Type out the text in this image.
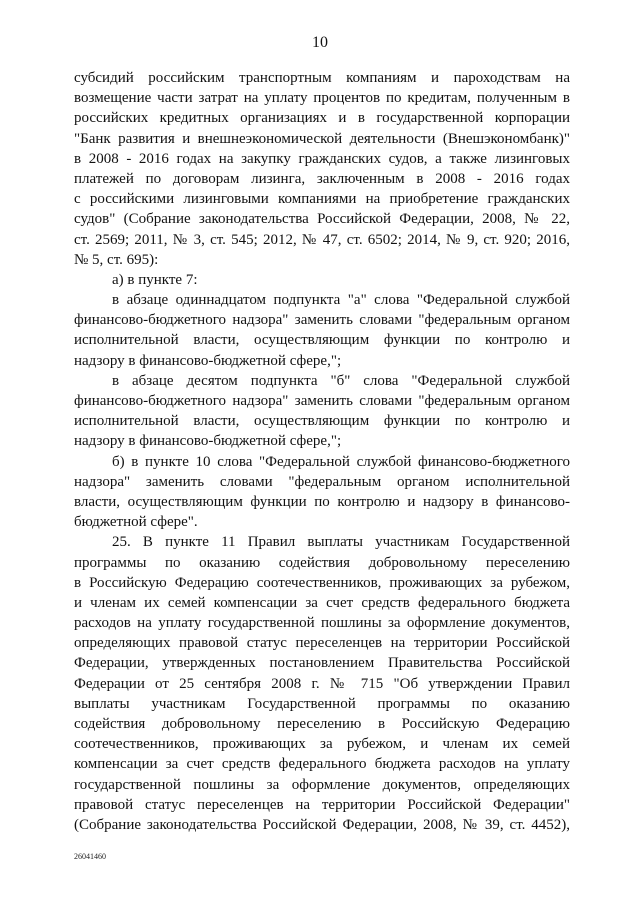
10
субсидий российским транспортным компаниям и пароходствам на
возмещение части затрат на уплату процентов по кредитам, полученным в
российских кредитных организациях и в государственной корпорации
"Банк развития и внешнеэкономической деятельности (Внешэкономбанк)"
в 2008 - 2016 годах на закупку гражданских судов, а также лизинговых
платежей по договорам лизинга, заключенным в 2008 - 2016 годах
с российскими лизинговыми компаниями на приобретение гражданских
судов" (Собрание законодательства Российской Федерации, 2008, № 22,
ст. 2569; 2011, № 3, ст. 545; 2012, № 47, ст. 6502; 2014, № 9, ст. 920; 2016,
№ 5, ст. 695):
а) в пункте 7:
в абзаце одиннадцатом подпункта "а" слова "Федеральной службой
финансово-бюджетного надзора" заменить словами "федеральным органом
исполнительной власти, осуществляющим функции по контролю и
надзору в финансово-бюджетной сфере,";
в абзаце десятом подпункта "б" слова "Федеральной службой
финансово-бюджетного надзора" заменить словами "федеральным органом
исполнительной власти, осуществляющим функции по контролю и
надзору в финансово-бюджетной сфере,";
б) в пункте 10 слова "Федеральной службой финансово-бюджетного
надзора" заменить словами "федеральным органом исполнительной
власти, осуществляющим функции по контролю и надзору в финансово-
бюджетной сфере".
25. В пункте 11 Правил выплаты участникам Государственной
программы по оказанию содействия добровольному переселению
в Российскую Федерацию соотечественников, проживающих за рубежом,
и членам их семей компенсации за счет средств федерального бюджета
расходов на уплату государственной пошлины за оформление документов,
определяющих правовой статус переселенцев на территории Российской
Федерации, утвержденных постановлением Правительства Российской
Федерации от 25 сентября 2008 г. № 715 "Об утверждении Правил
выплаты участникам Государственной программы по оказанию
содействия добровольному переселению в Российскую Федерацию
соотечественников, проживающих за рубежом, и членам их семей
компенсации за счет средств федерального бюджета расходов на уплату
государственной пошлины за оформление документов, определяющих
правовой статус переселенцев на территории Российской Федерации"
(Собрание законодательства Российской Федерации, 2008, № 39, ст. 4452),
26041460
